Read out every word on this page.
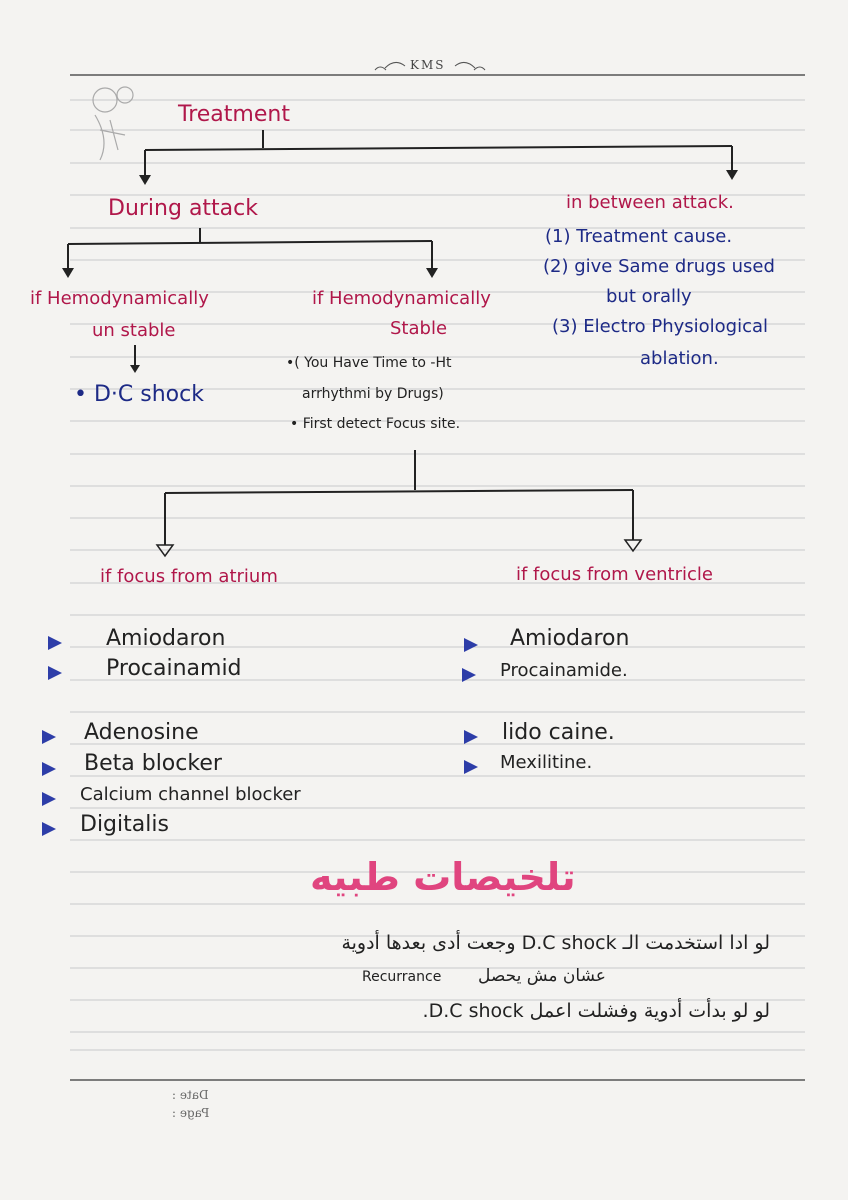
KMS
Treatment
During attack	in between attack.
(1) Treatment cause.
(2) give Same drugs used
but orally
(3) Electro Physiological
ablation.
if Hemodynamically
un stable
if Hemodynamically
Stable
• D·C shock
•( You Have Time to -Ht
arrhythmi by Drugs)
• First detect Focus site.
if focus from atrium	if focus from ventricle
Amiodaron
Procainamid
Adenosine
Beta blocker
Calcium channel blocker
Digitalis
Amiodaron
Procainamide.
lido caine.
Mexilitine.
تلخيصات طبيه
لو ادا استخدمت الـ D.C shock وجعت أدى بعدها أدوية
Recurrance عشان مش يحصل
لو لو بدأت أدوية وفشلت اعمل D.C shock.
Date :
Page :
